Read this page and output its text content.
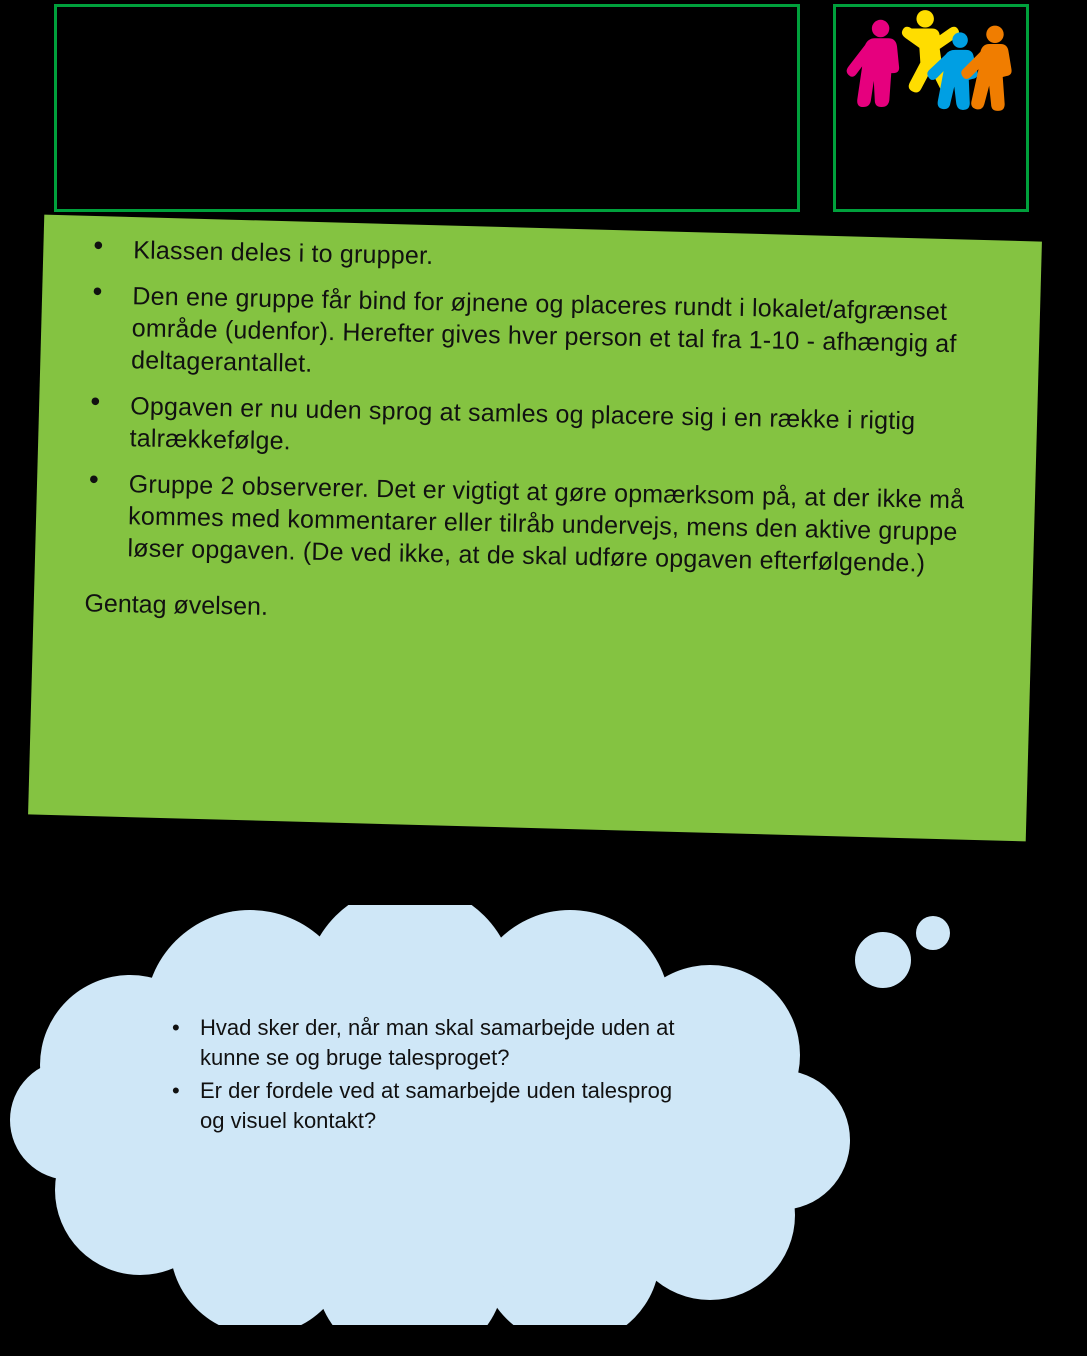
• Klassen deles i to grupper.
• Den ene gruppe får bind for øjnene og placeres rundt i lokalet/afgrænset område (udenfor). Herefter gives hver person et tal fra 1-10 - afhængig af deltagerantallet.
• Opgaven er nu uden sprog at samles og placere sig i en række i rigtig talrækkefølge.
• Gruppe 2 observerer. Det er vigtigt at gøre opmærksom på, at der ikke må kommes med kommentarer eller tilråb undervejs, mens den aktive gruppe løser opgaven. (De ved ikke, at de skal udføre opgaven efterfølgende.)
Gentag øvelsen.
• Hvad sker der, når man skal samarbejde uden at kunne se og bruge talesproget?
• Er der fordele ved at samarbejde uden talesprog og visuel kontakt?
